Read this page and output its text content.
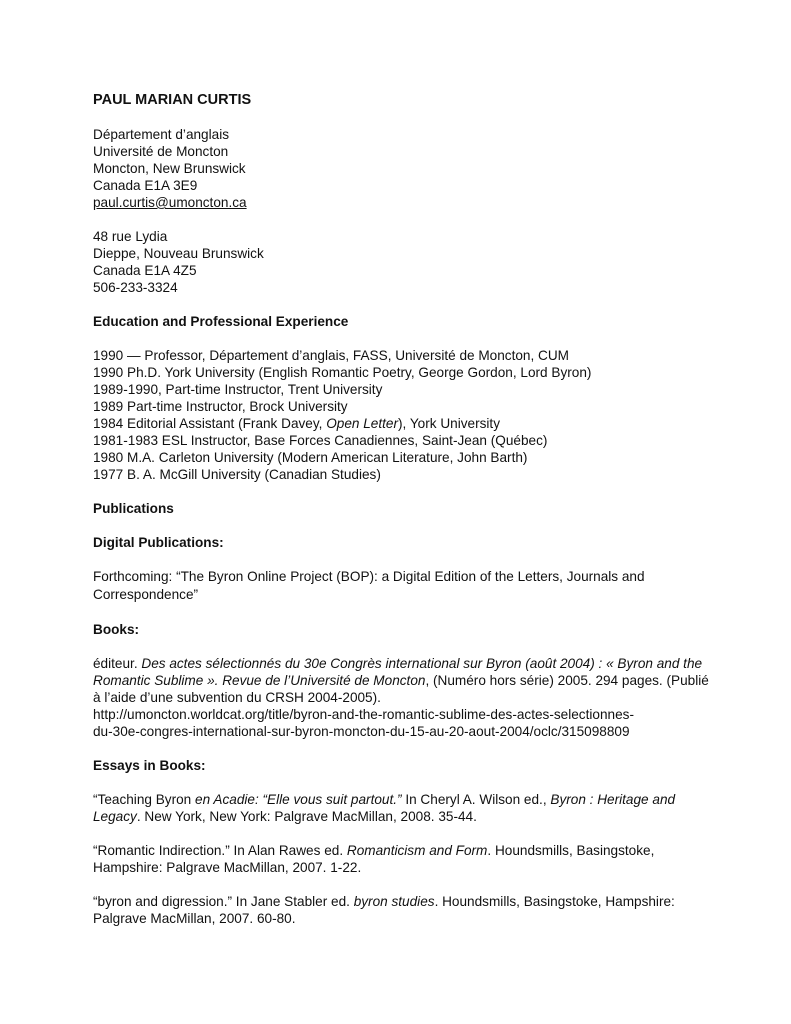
PAUL MARIAN CURTIS
Département d’anglais
Université de Moncton
Moncton, New Brunswick
Canada E1A 3E9
paul.curtis@umoncton.ca
48 rue Lydia
Dieppe, Nouveau Brunswick
Canada E1A 4Z5
506-233-3324
Education and Professional Experience
1990 — Professor, Département d’anglais, FASS, Université de Moncton, CUM
1990 Ph.D. York University (English Romantic Poetry, George Gordon, Lord Byron)
1989-1990, Part-time Instructor, Trent University
1989 Part-time Instructor, Brock University
1984 Editorial Assistant (Frank Davey, Open Letter), York University
1981-1983 ESL Instructor, Base Forces Canadiennes, Saint-Jean (Québec)
1980 M.A. Carleton University (Modern American Literature, John Barth)
1977 B. A. McGill University (Canadian Studies)
Publications
Digital Publications:
Forthcoming: “The Byron Online Project (BOP): a Digital Edition of the Letters, Journals and Correspondence”
Books:
éditeur. Des actes sélectionnés du 30e Congrès international sur Byron (août 2004) : « Byron and the Romantic Sublime ». Revue de l’Université de Moncton, (Numéro hors série) 2005. 294 pages. (Publié à l’aide d’une subvention du CRSH 2004-2005).
http://umoncton.worldcat.org/title/byron-and-the-romantic-sublime-des-actes-selectionnes-
du-30e-congres-international-sur-byron-moncton-du-15-au-20-aout-2004/oclc/315098809
Essays in Books:
“Teaching Byron en Acadie: “Elle vous suit partout.” In Cheryl A. Wilson ed., Byron : Heritage and Legacy. New York, New York: Palgrave MacMillan, 2008. 35-44.
“Romantic Indirection.” In Alan Rawes ed. Romanticism and Form. Houndsmills, Basingstoke, Hampshire: Palgrave MacMillan, 2007. 1-22.
“byron and digression.” In Jane Stabler ed. byron studies. Houndsmills, Basingstoke, Hampshire: Palgrave MacMillan, 2007. 60-80.
